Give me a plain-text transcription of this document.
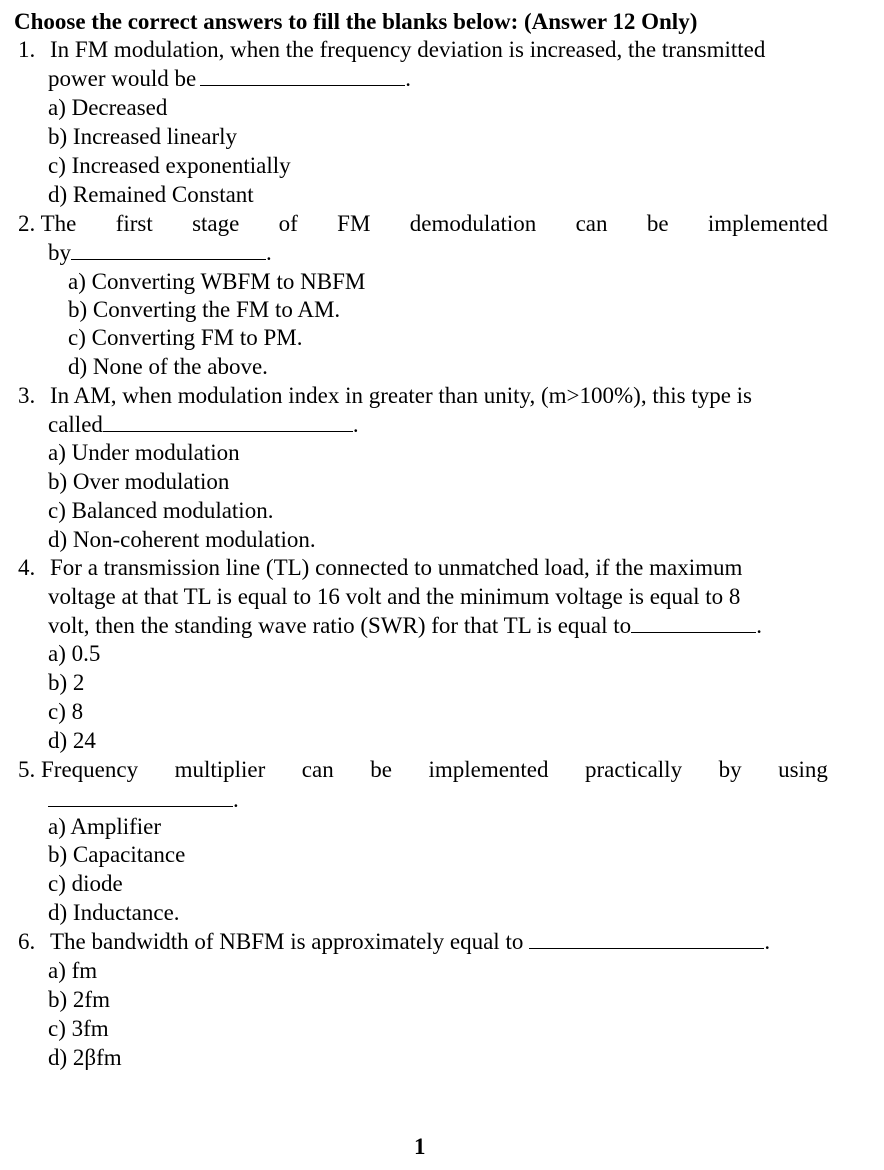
Choose the correct answers to fill the blanks below: (Answer 12 Only)
1. In FM modulation, when the frequency deviation is increased, the transmitted
power would be	.
a) Decreased
b) Increased linearly
c) Increased exponentially
d) Remained Constant
2. The first stage of FM demodulation can be implemented
by	.
a) Converting WBFM to NBFM
b) Converting the FM to AM.
c) Converting FM to PM.
d) None of the above.
3. In AM, when modulation index in greater than unity, (m>100%), this type is
called	.
a) Under modulation
b) Over modulation
c) Balanced modulation.
d) Non-coherent modulation.
4. For a transmission line (TL) connected to unmatched load, if the maximum
voltage at that TL is equal to 16 volt and the minimum voltage is equal to 8
volt, then the standing wave ratio (SWR) for that TL is equal to	.
a) 0.5
b) 2
c) 8
d) 24
5. Frequency multiplier can be implemented practically by using
.
a) Amplifier
b) Capacitance
c) diode
d) Inductance.
6. The bandwidth of NBFM is approximately equal to	.
a) fm
b) 2fm
c) 3fm
d) 2βfm
1
